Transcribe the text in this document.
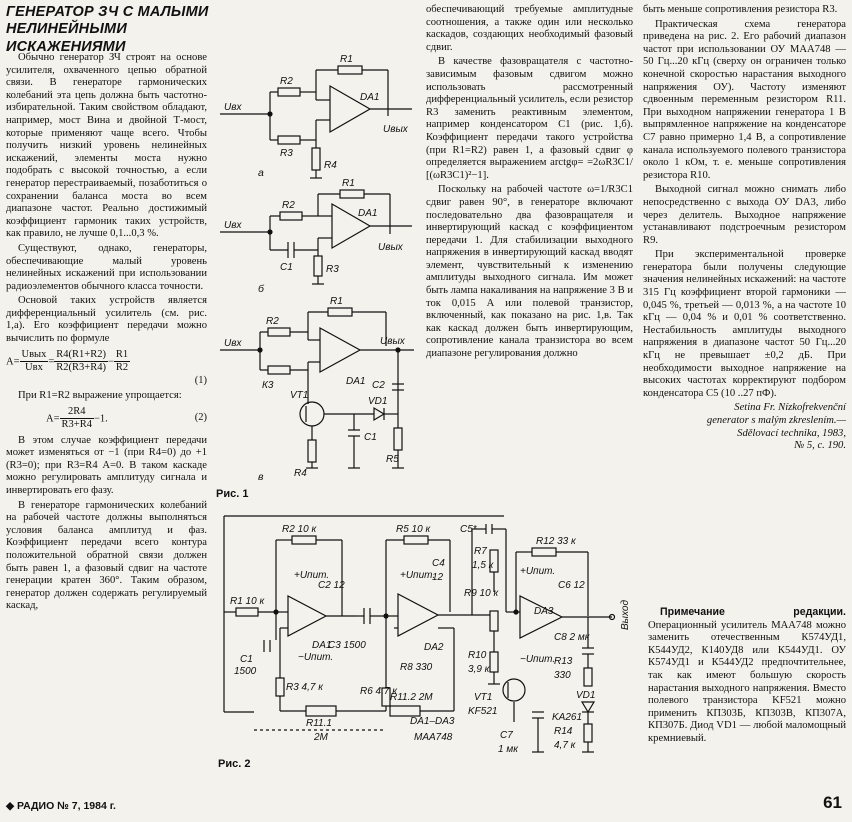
ГЕНЕРАТОР ЗЧ С МАЛЫМИ
НЕЛИНЕЙНЫМИ ИСКАЖЕНИЯМИ

Обычно генератор ЗЧ строят на основе усилителя, охваченного цепью обратной связи. В генераторе гармонических колебаний эта цепь должна быть частотно-избирательной. Таким свойством обладают, например, мост Вина и двойной Т-мост, которые применяют чаще всего. Чтобы получить низкий уровень нелинейных искажений, элементы моста нужно подобрать с высокой точностью, а если генератор перестраиваемый, позаботиться о сохранении баланса моста во всем диапазоне частот. Реально достижимый коэффициент гармоник таких устройств, как правило, не лучше 0,1...0,3 %.

Существуют, однако, генераторы, обеспечивающие малый уровень нелинейных искажений при использовании радиоэлементов обычного класса точности.

Основой таких устройств является дифференциальный усилитель (см. рис. 1,а). Его коэффициент передачи можно вычислить по формуле

A=
Uвых
Uвх
= $\frac{R4(R1+R2)}{R2(R3+R4)} - \frac{R1}{R2}$
(1)

При R1=R2 выражение упрощается:

$A= \frac{2R4}{R3+R4} -1$.	(2)

В этом случае коэффициент передачи может изменяться от −1 (при R4=0) до +1 (R3=0); при R3=R4 A=0. В таком каскаде можно регулировать амплитуду сигнала и инвертировать его фазу.

В генераторе гармонических колебаний на рабочей частоте должны выполняться условия баланса амплитуд и фаз. Коэффициент передачи всего контура положительной обратной связи должен быть равен 1, а фазовый сдвиг на частоте генерации кратен 360°. Таким образом, генератор должен содержать регулируемый каскад,

обеспечивающий требуемые амплитудные соотношения, а также один или несколько каскадов, создающих необходимый фазовый сдвиг.

В качестве фазовращателя с частотно-зависимым фазовым сдвигом можно использовать рассмотренный дифференциальный усилитель, если резистор R3 заменить реактивным элементом, например конденсатором C1 (рис. 1,б). Коэффициент передачи такого устройства (при R1=R2) равен 1, а фазовый сдвиг φ определяется выражением arctgφ= =2ωR3C1/ [(ωR3C1)²−1].

Поскольку на рабочей частоте ω=1/R3C1 сдвиг равен 90°, в генераторе включают последовательно два фазовращателя и инвертирующий каскад с коэффициентом передачи 1. Для стабилизации выходного напряжения в инвертирующий каскад вводят элемент, чувствительный к изменению амплитуды выходного сигнала. Им может быть лампа накаливания на напряжение 3 В и ток 0,015 А или полевой транзистор, включенный, как показано на рис. 1,в. Так как каскад должен быть инвертирующим, сопротивление канала транзистора во всем диапазоне регулирования должно

быть меньше сопротивления резистора R3.

Практическая схема генератора приведена на рис. 2. Его рабочий диапазон частот при использовании ОУ MAA748 — 50 Гц...20 кГц (сверху он ограничен только конечной скоростью нарастания выходного напряжения ОУ). Частоту изменяют сдвоенным переменным резистором R11. При выходном напряжении генератора 1 В выпрямленное напряжение на конденсаторе C7 равно примерно 1,4 В, а сопротивление канала используемого полевого транзистора около 1 кОм, т. е. меньше сопротивления резистора R10.

Выходной сигнал можно снимать либо непосредственно с выхода ОУ DA3, либо через делитель. Выходное напряжение устанавливают подстроечным резистором R9.

При экспериментальной проверке генератора были получены следующие значения нелинейных искажений: на частоте 315 Гц коэффициент второй гармоники — 0,045 %, третьей — 0,013 %, а на частоте 10 кГц — 0,04 % и 0,01 % соответственно. Нестабильность амплитуды выходного напряжения в диапазоне частот 50 Гц...20 кГц не превышает ±0,2 дБ. При необходимости выходное напряжение на высоких частотах корректируют подбором конденсатора C5 (10 ..27 пФ).

Setina Fr. Nízkofrekvenční
generator s malým zkreslením.—
Sdělovací technika, 1983,
№ 5, с. 190.

Примечание редакции. Операционный усилитель MAA748 можно заменить отечественным К574УД1, К544УД2, К140УД8 или К544УД1. ОУ К574УД1 и К544УД2 предпочтительнее, так как имеют большую скорость нарастания выходного напряжения. Вместо полевого транзистора KF521 можно применить КП303Б, КП303В, КП307А, КП307Б. Диод VD1 — любой маломощный кремниевый.

Uвх
R2
R1
DA1
Uвых
R3
R4
а
Uвх
R2
R1
DA1
Uвых
C1	R3
б
Uвх
R2
R1
DA1
Uвых
К3
VT1
R4
C1
VD1
C2
R5
в
Рис. 1
R1 10 к
R2 10 к
+Uпит.
−Uпит.
C2 12
C1
1500
R3 4,7 к
DA1
C3 1500
R5 10 к
+Uпит.
C4
12
DA2
R6 4,7 к
R8 330
R11.1
2М
R11.2 2М
C5*
R7
1,5 к
R9 10 к
R10
3,9 к
R12 33 к
+Uпит.
C6 12
DA3	Выход
−Uпит.
C8 2 мк
R13
330
VD1
KA261
R14
4,7 к
VT1
KF521
C7
1 мк
DA1–DA3
MAA748
Рис. 2
◆ РАДИО № 7, 1984 г.	61
